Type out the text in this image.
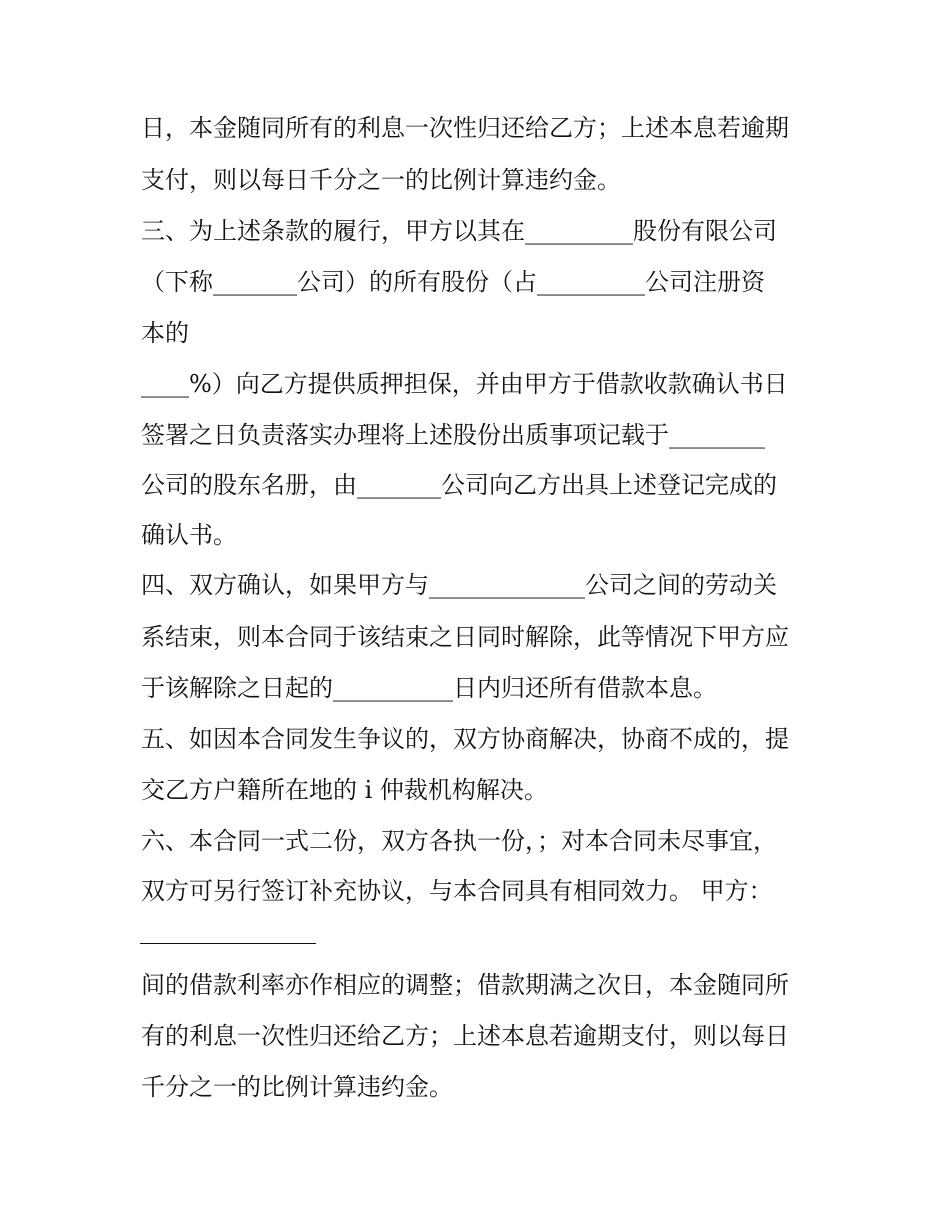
日，本金随同所有的利息一次性归还给乙方；上述本息若逾期
支付，则以每日千分之一的比例计算违约金。
三、为上述条款的履行，甲方以其在_________股份有限公司
（下称_______公司）的所有股份（占_________公司注册资
本的
____%）向乙方提供质押担保，并由甲方于借款收款确认书日
签署之日负责落实办理将上述股份出质事项记载于________
公司的股东名册，由_______公司向乙方出具上述登记完成的
确认书。
四、双方确认，如果甲方与_____________公司之间的劳动关
系结束，则本合同于该结束之日同时解除，此等情况下甲方应
于该解除之日起的__________日内归还所有借款本息。
五、如因本合同发生争议的，双方协商解决，协商不成的，提
交乙方户籍所在地的 i 仲裁机构解决。
六、本合同一式二份，双方各执一份，；对本合同未尽事宜，
双方可另行签订补充协议，与本合同具有相同效力。 甲方：
间的借款利率亦作相应的调整；借款期满之次日，本金随同所
有的利息一次性归还给乙方；上述本息若逾期支付，则以每日
千分之一的比例计算违约金。
